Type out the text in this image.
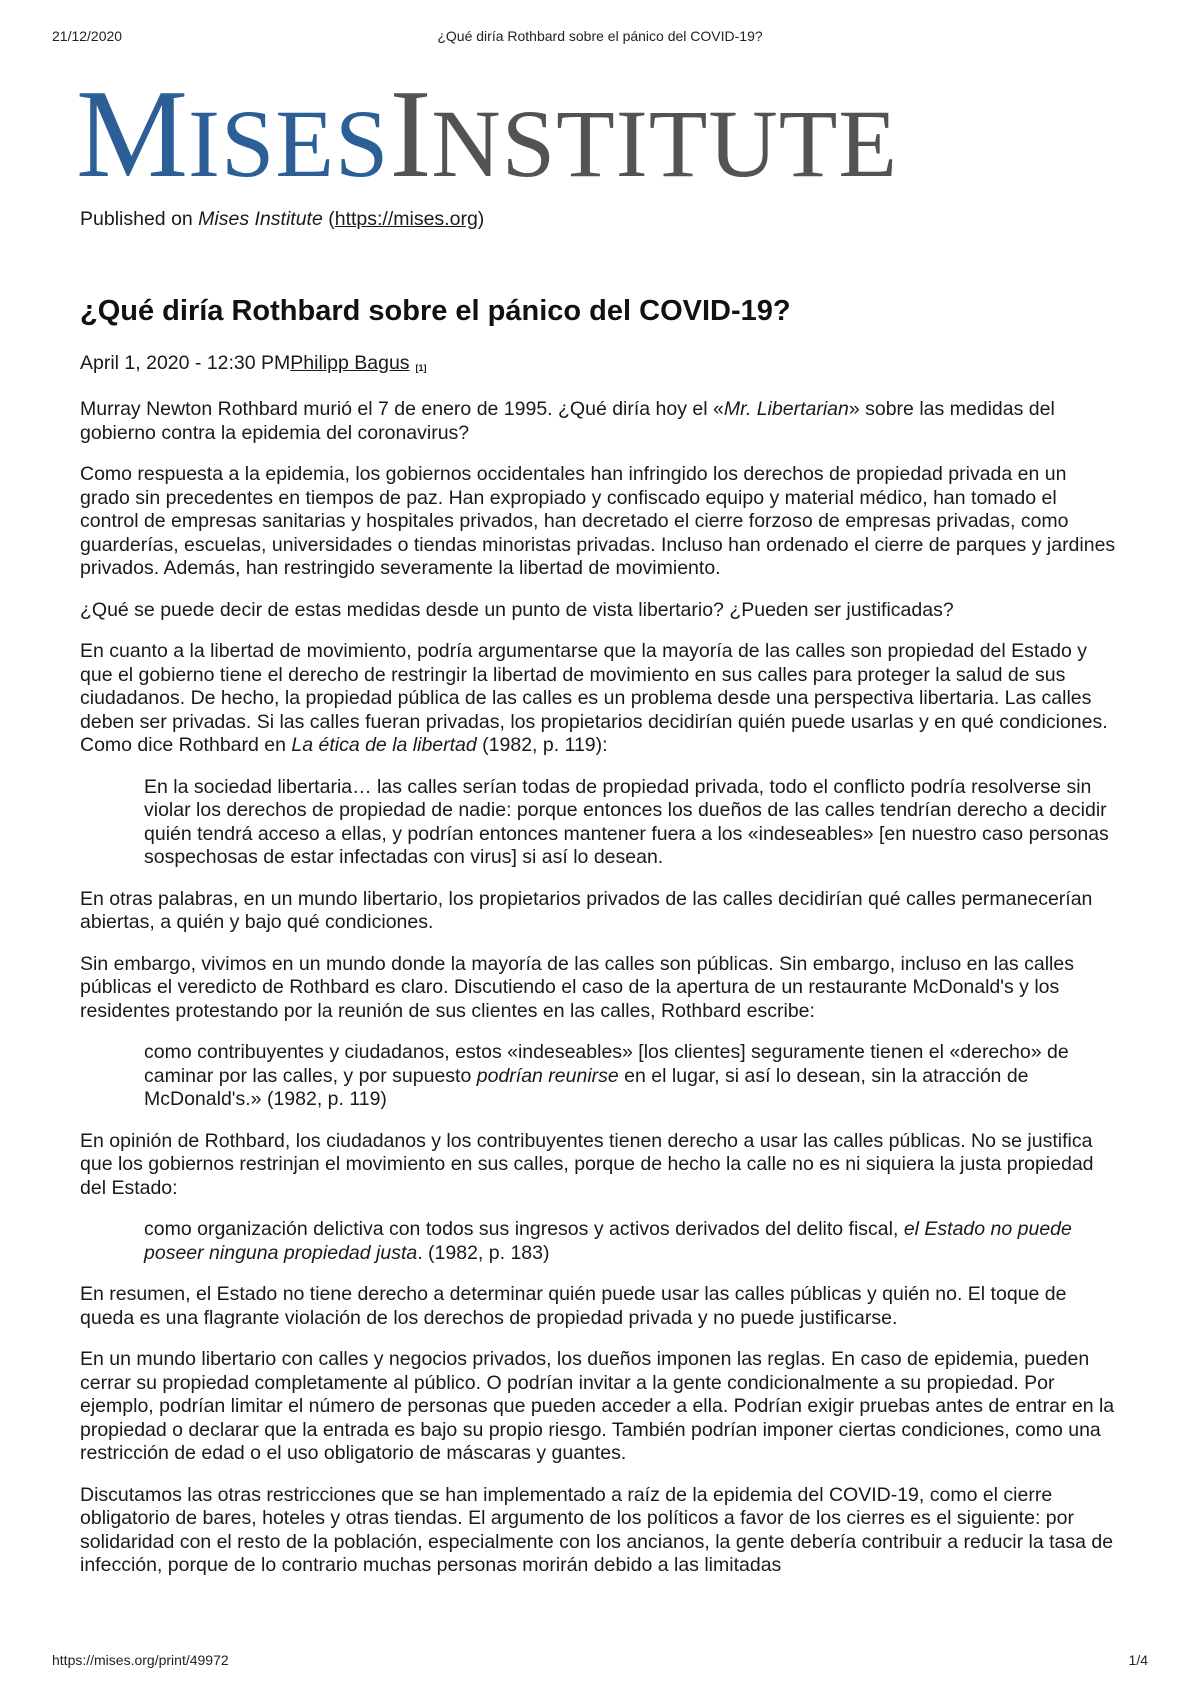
21/12/2020	¿Qué diría Rothbard sobre el pánico del COVID-19?
MISESINSTITUTE

Published on Mises Institute (https://mises.org)

¿Qué diría Rothbard sobre el pánico del COVID-19?

April 1, 2020 - 12:30 PMPhilipp Bagus [1]

Murray Newton Rothbard murió el 7 de enero de 1995. ¿Qué diría hoy el «Mr. Libertarian» sobre las medidas del gobierno contra la epidemia del coronavirus?

Como respuesta a la epidemia, los gobiernos occidentales han infringido los derechos de propiedad privada en un grado sin precedentes en tiempos de paz. Han expropiado y confiscado equipo y material médico, han tomado el control de empresas sanitarias y hospitales privados, han decretado el cierre forzoso de empresas privadas, como guarderías, escuelas, universidades o tiendas minoristas privadas. Incluso han ordenado el cierre de parques y jardines privados. Además, han restringido severamente la libertad de movimiento.

¿Qué se puede decir de estas medidas desde un punto de vista libertario? ¿Pueden ser justificadas?

En cuanto a la libertad de movimiento, podría argumentarse que la mayoría de las calles son propiedad del Estado y que el gobierno tiene el derecho de restringir la libertad de movimiento en sus calles para proteger la salud de sus ciudadanos. De hecho, la propiedad pública de las calles es un problema desde una perspectiva libertaria. Las calles deben ser privadas. Si las calles fueran privadas, los propietarios decidirían quién puede usarlas y en qué condiciones. Como dice Rothbard en La ética de la libertad (1982, p. 119):

En la sociedad libertaria… las calles serían todas de propiedad privada, todo el conflicto podría resolverse sin violar los derechos de propiedad de nadie: porque entonces los dueños de las calles tendrían derecho a decidir quién tendrá acceso a ellas, y podrían entonces mantener fuera a los «indeseables» [en nuestro caso personas sospechosas de estar infectadas con virus] si así lo desean.

En otras palabras, en un mundo libertario, los propietarios privados de las calles decidirían qué calles permanecerían abiertas, a quién y bajo qué condiciones.

Sin embargo, vivimos en un mundo donde la mayoría de las calles son públicas. Sin embargo, incluso en las calles públicas el veredicto de Rothbard es claro. Discutiendo el caso de la apertura de un restaurante McDonald's y los residentes protestando por la reunión de sus clientes en las calles, Rothbard escribe:

como contribuyentes y ciudadanos, estos «indeseables» [los clientes] seguramente tienen el «derecho» de caminar por las calles, y por supuesto podrían reunirse en el lugar, si así lo desean, sin la atracción de McDonald's.» (1982, p. 119)

En opinión de Rothbard, los ciudadanos y los contribuyentes tienen derecho a usar las calles públicas. No se justifica que los gobiernos restrinjan el movimiento en sus calles, porque de hecho la calle no es ni siquiera la justa propiedad del Estado:

como organización delictiva con todos sus ingresos y activos derivados del delito fiscal, el Estado no puede poseer ninguna propiedad justa. (1982, p. 183)

En resumen, el Estado no tiene derecho a determinar quién puede usar las calles públicas y quién no. El toque de queda es una flagrante violación de los derechos de propiedad privada y no puede justificarse.

En un mundo libertario con calles y negocios privados, los dueños imponen las reglas. En caso de epidemia, pueden cerrar su propiedad completamente al público. O podrían invitar a la gente condicionalmente a su propiedad. Por ejemplo, podrían limitar el número de personas que pueden acceder a ella. Podrían exigir pruebas antes de entrar en la propiedad o declarar que la entrada es bajo su propio riesgo. También podrían imponer ciertas condiciones, como una restricción de edad o el uso obligatorio de máscaras y guantes.

Discutamos las otras restricciones que se han implementado a raíz de la epidemia del COVID-19, como el cierre obligatorio de bares, hoteles y otras tiendas. El argumento de los políticos a favor de los cierres es el siguiente: por solidaridad con el resto de la población, especialmente con los ancianos, la gente debería contribuir a reducir la tasa de infección, porque de lo contrario muchas personas morirán debido a las limitadas

https://mises.org/print/49972	1/4
